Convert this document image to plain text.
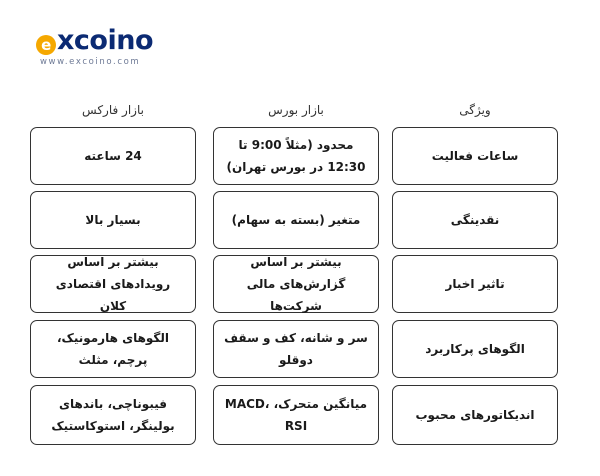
e xcoino
www.excoino.com
ویژگی
بازار بورس
بازار فارکس
ساعات فعالیت
محدود (مثلاً 9:00 تا 12:30 در بورس تهران)
24 ساعته
نقدینگی
متغیر (بسته به سهام)
بسیار بالا
تاثیر اخبار
بیشتر بر اساس گزارش‌های مالی شرکت‌ها
بیشتر بر اساس رویدادهای اقتصادی کلان
الگوهای پرکاربرد
سر و شانه، کف و سقف دوقلو
الگوهای هارمونیک، پرچم، مثلث
اندیکاتورهای محبوب
میانگین متحرک، MACD، RSI
فیبوناچی، باندهای بولینگر، استوکاستیک
